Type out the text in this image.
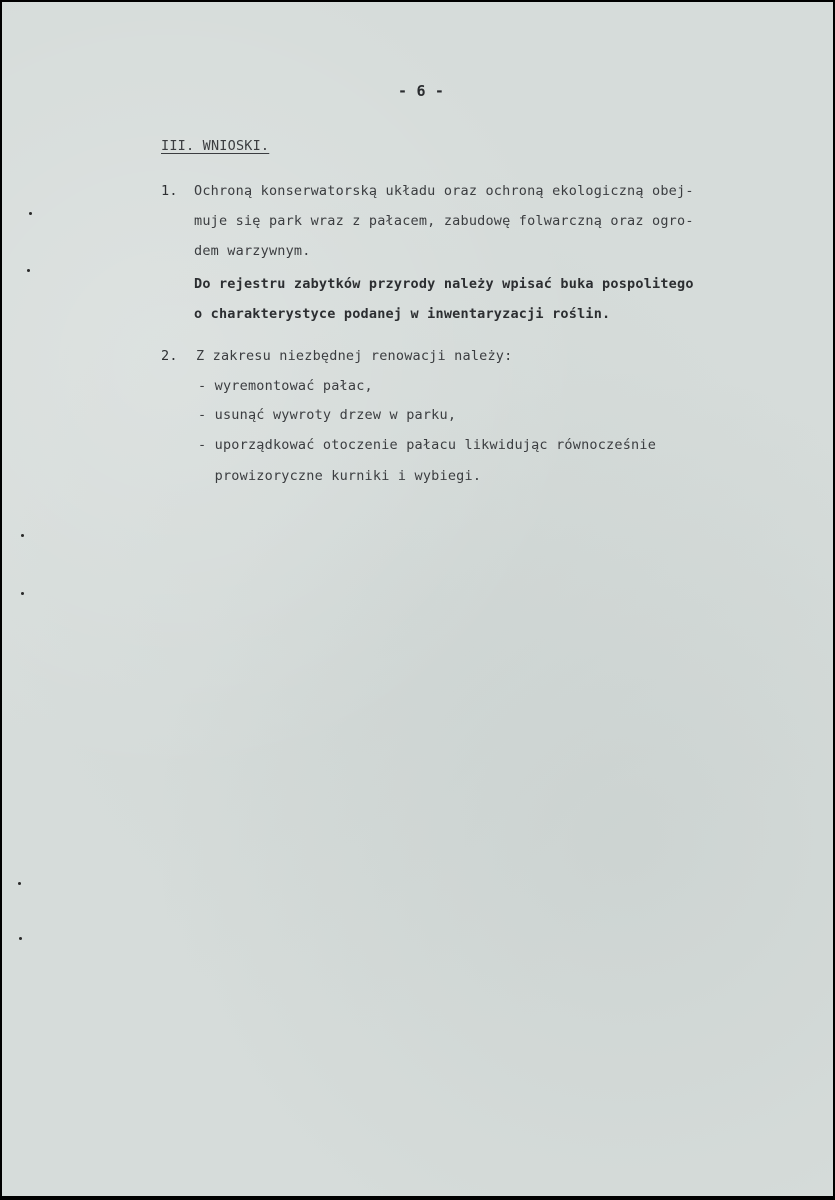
- 6 -
III. WNIOSKI.
1. Ochroną konserwatorską układu oraz ochroną ekologiczną obej-
muje się park wraz z pałacem, zabudowę folwarczną oraz ogro-
dem warzywnym.
Do rejestru zabytków przyrody należy wpisać buka pospolitego
o charakterystyce podanej w inwentaryzacji roślin.
2. Z zakresu niezbędnej renowacji należy:
- wyremontować pałac,
- usunąć wywroty drzew w parku,
- uporządkować otoczenie pałacu likwidując równocześnie
prowizoryczne kurniki i wybiegi.
